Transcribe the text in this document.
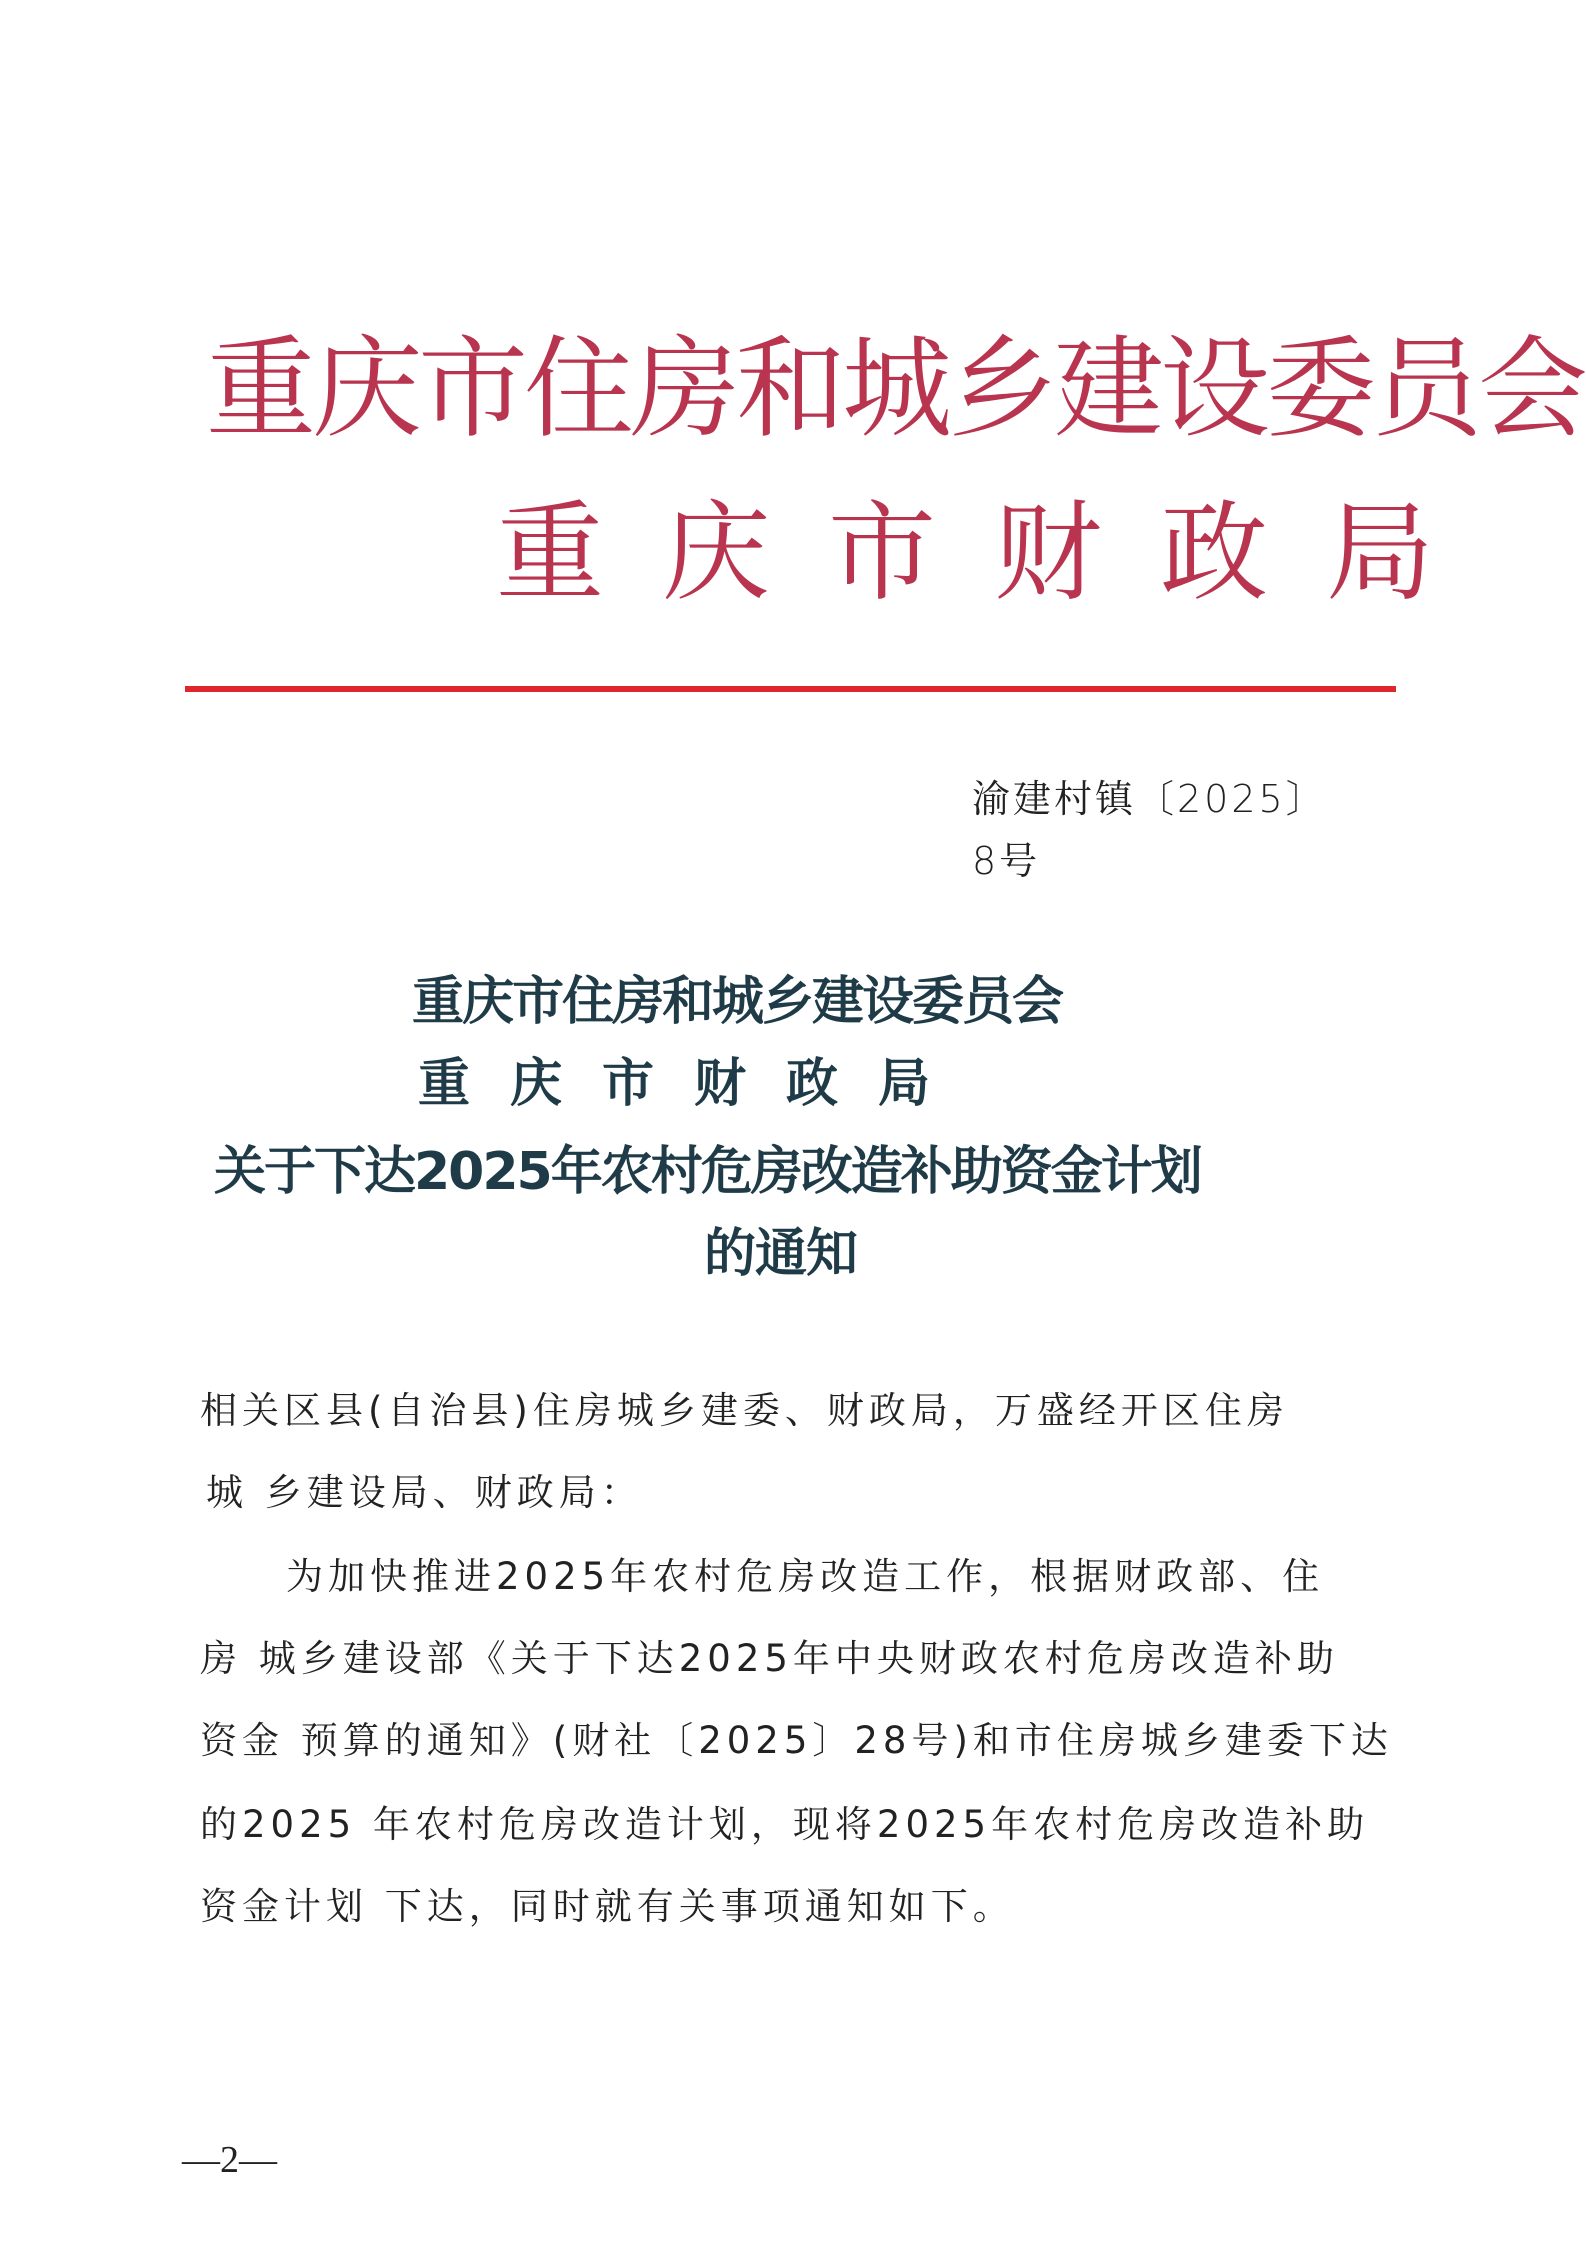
重庆市住房和城乡建设委员会
重庆市财政局
渝建村镇〔2025〕8号
重庆市住房和城乡建设委员会
重庆市财政局
关于下达2025年农村危房改造补助资金计划
的通知
相关区县(自治县)住房城乡建委、财政局，万盛经开区住房
城 乡建设局、财政局：
为加快推进2025年农村危房改造工作，根据财政部、住
房 城乡建设部《关于下达2025年中央财政农村危房改造补助
资金 预算的通知》(财社〔2025〕28号)和市住房城乡建委下达
的2025 年农村危房改造计划，现将2025年农村危房改造补助
资金计划 下达，同时就有关事项通知如下。
—2—
